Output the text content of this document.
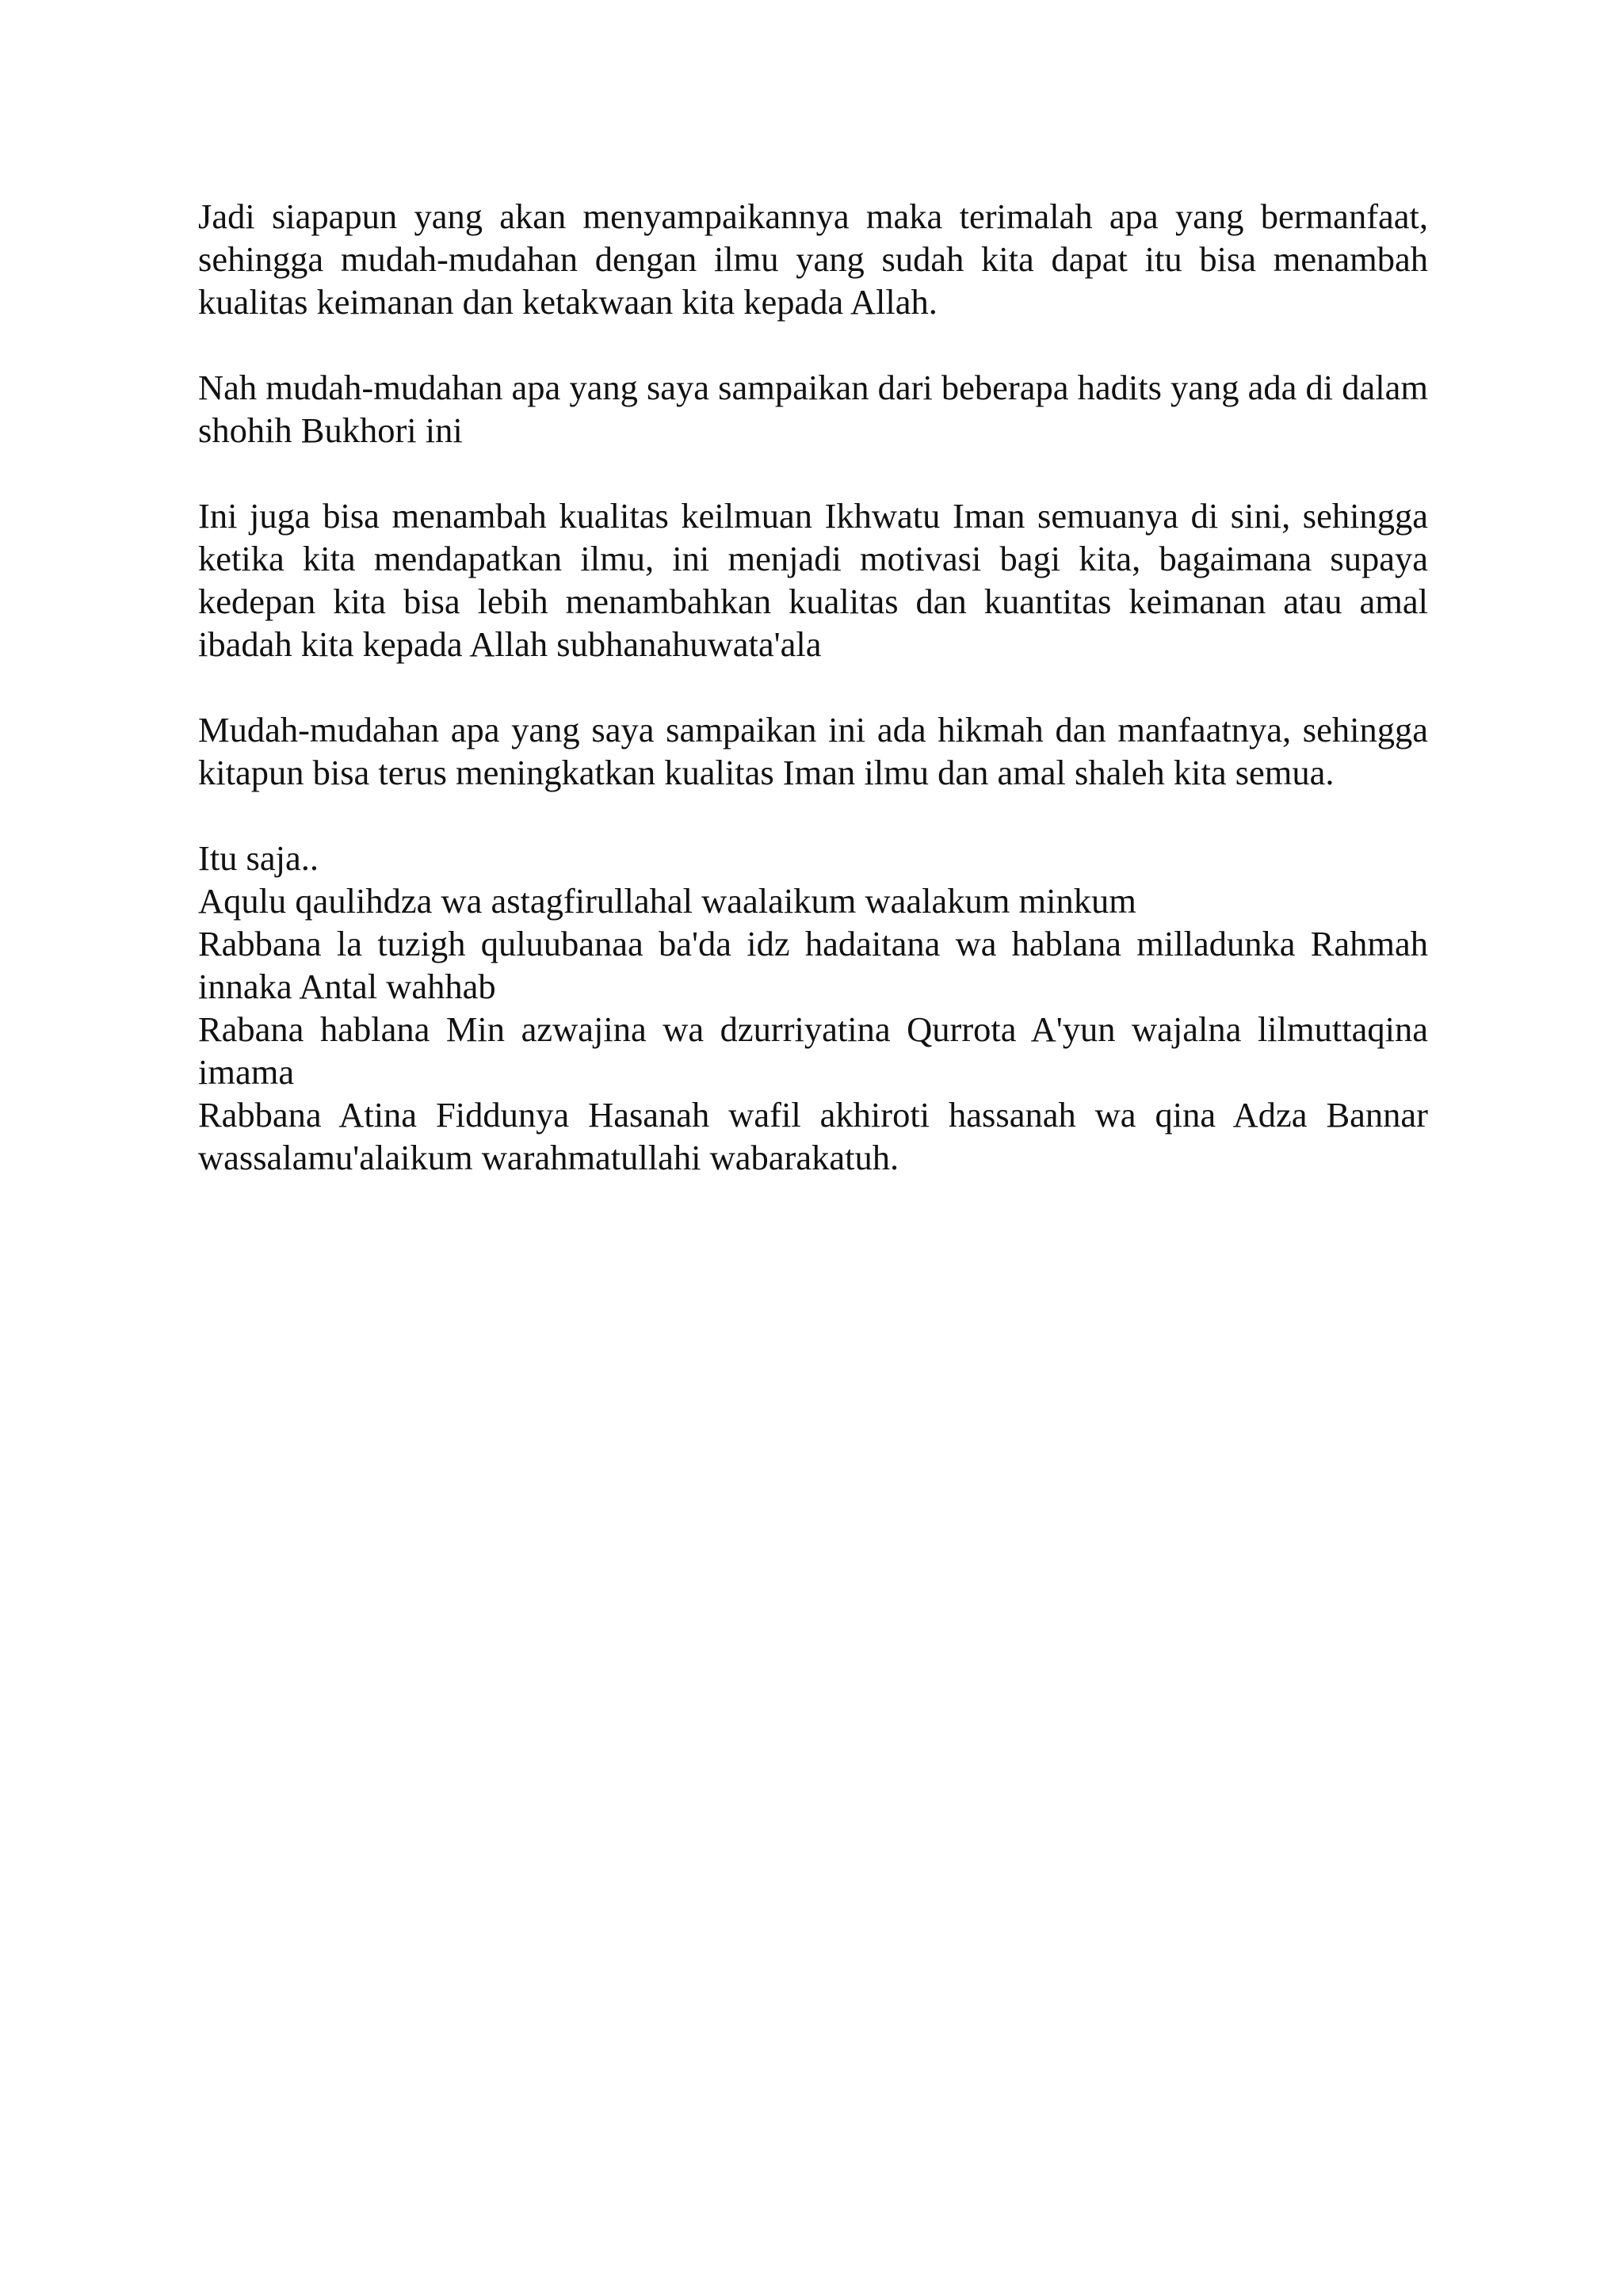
Jadi siapapun yang akan menyampaikannya maka terimalah apa yang bermanfaat, sehingga mudah-mudahan dengan ilmu yang sudah kita dapat itu bisa menambah kualitas keimanan dan ketakwaan kita kepada Allah.

Nah mudah-mudahan apa yang saya sampaikan dari beberapa hadits yang ada di dalam shohih Bukhori ini

Ini juga bisa menambah kualitas keilmuan Ikhwatu Iman semuanya di sini, sehingga ketika kita mendapatkan ilmu, ini menjadi motivasi bagi kita, bagaimana supaya kedepan kita bisa lebih menambahkan kualitas dan kuantitas keimanan atau amal ibadah kita kepada Allah subhanahuwata'ala

Mudah-mudahan apa yang saya sampaikan ini ada hikmah dan manfaatnya, sehingga kitapun bisa terus meningkatkan kualitas Iman ilmu dan amal shaleh kita semua.

Itu saja..

Aqulu qaulihdza wa astagfirullahal waalaikum waalakum minkum

Rabbana la tuzigh quluubanaa ba'da idz hadaitana wa hablana milladunka Rahmah innaka Antal wahhab

Rabana hablana Min azwajina wa dzurriyatina Qurrota A'yun wajalna lilmuttaqina imama

Rabbana Atina Fiddunya Hasanah wafil akhiroti hassanah wa qina Adza Bannar wassalamu'alaikum warahmatullahi wabarakatuh.
